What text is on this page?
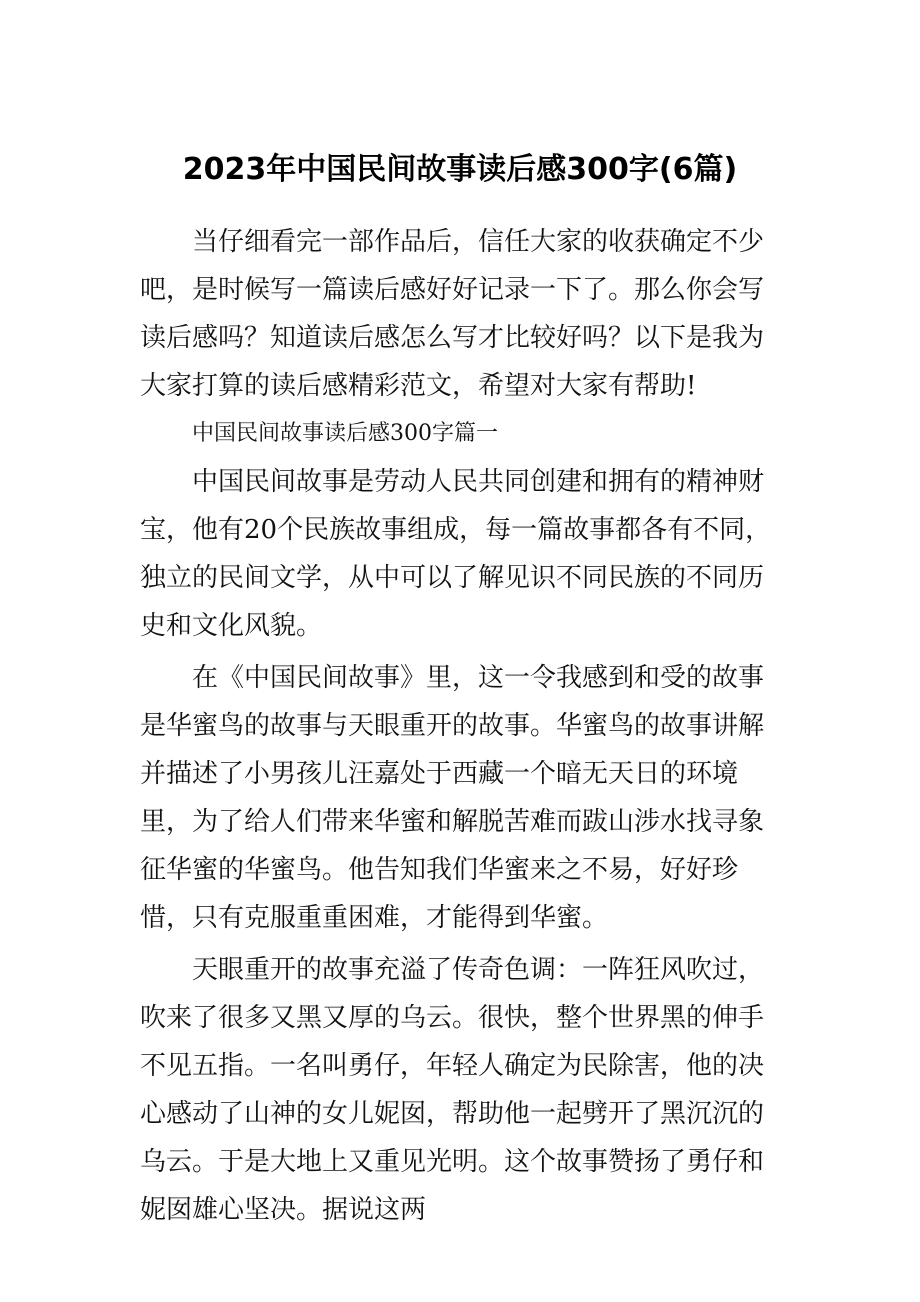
2023年中国民间故事读后感300字(6篇)

当仔细看完一部作品后，信任大家的收获确定不少吧，是时候写一篇读后感好好记录一下了。那么你会写读后感吗？知道读后感怎么写才比较好吗？以下是我为大家打算的读后感精彩范文，希望对大家有帮助!

中国民间故事读后感300字篇一

中国民间故事是劳动人民共同创建和拥有的精神财宝，他有20个民族故事组成，每一篇故事都各有不同，独立的民间文学，从中可以了解见识不同民族的不同历史和文化风貌。

在《中国民间故事》里，这一令我感到和受的故事是华蜜鸟的故事与天眼重开的故事。华蜜鸟的故事讲解并描述了小男孩儿汪嘉处于西藏一个暗无天日的环境里，为了给人们带来华蜜和解脱苦难而跋山涉水找寻象征华蜜的华蜜鸟。他告知我们华蜜来之不易，好好珍惜，只有克服重重困难，才能得到华蜜。

天眼重开的故事充溢了传奇色调：一阵狂风吹过，吹来了很多又黑又厚的乌云。很快，整个世界黑的伸手不见五指。一名叫勇仔，年轻人确定为民除害，他的决心感动了山神的女儿妮囡，帮助他一起劈开了黑沉沉的乌云。于是大地上又重见光明。这个故事赞扬了勇仔和妮囡雄心坚决。据说这两
